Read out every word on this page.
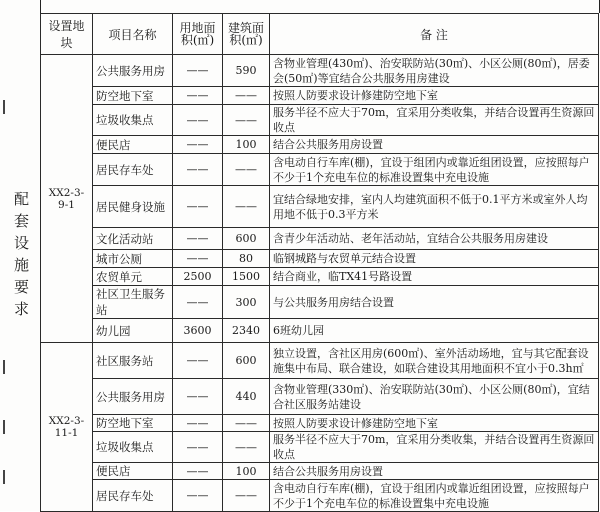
配
套
设
施
要
求
设置地块	项目名称	用地面积(㎡)	建筑面积(㎡)	备 注
XX2-3-9-1	公共服务用房	——	590	含物业管理(430㎡)、治安联防站(30㎡)、小区公厕(80㎡)，居委会(50㎡)等宜结合公共服务用房建设
	防空地下室	——	——	按照人防要求设计修建防空地下室
	垃圾收集点	——	——	服务半径不应大于70m，宜采用分类收集，并结合设置再生资源回收点
	便民店	——	100	结合公共服务用房设置
	居民存车处	——	——	含电动自行车库(棚)，宜设于组团内或靠近组团设置，应按照每户不少于1个充电车位的标准设置集中充电设施
	居民健身设施	——	——	宜结合绿地安排，室内人均建筑面积不低于0.1平方米或室外人均用地不低于0.3平方米
	文化活动站	——	600	含青少年活动站、老年活动站，宜结合公共服务用房建设
	城市公厕	——	80	临钢城路与农贸单元结合设置
	农贸单元	2500	1500	结合商业，临TX41号路设置
	社区卫生服务站	——	300	与公共服务用房结合设置
	幼儿园	3600	2340	6班幼儿园
XX2-3-11-1	社区服务站	——	600	独立设置，含社区用房(600㎡)、室外活动场地，宜与其它配套设施集中布局、联合建设，如联合建设其用地面积不宜小于0.3h㎡
	公共服务用房	——	440	含物业管理(330㎡)、治安联防站(30㎡)、小区公厕(80㎡)，宜结合社区服务站建设
	防空地下室	——	——	按照人防要求设计修建防空地下室
	垃圾收集点	——	——	服务半径不应大于70m，宜采用分类收集，并结合设置再生资源回收点
	便民店	——	100	结合公共服务用房设置
	居民存车处	——	——	含电动自行车库(棚)，宜设于组团内或靠近组团设置，应按照每户不少于1个充电车位的标准设置集中充电设施
